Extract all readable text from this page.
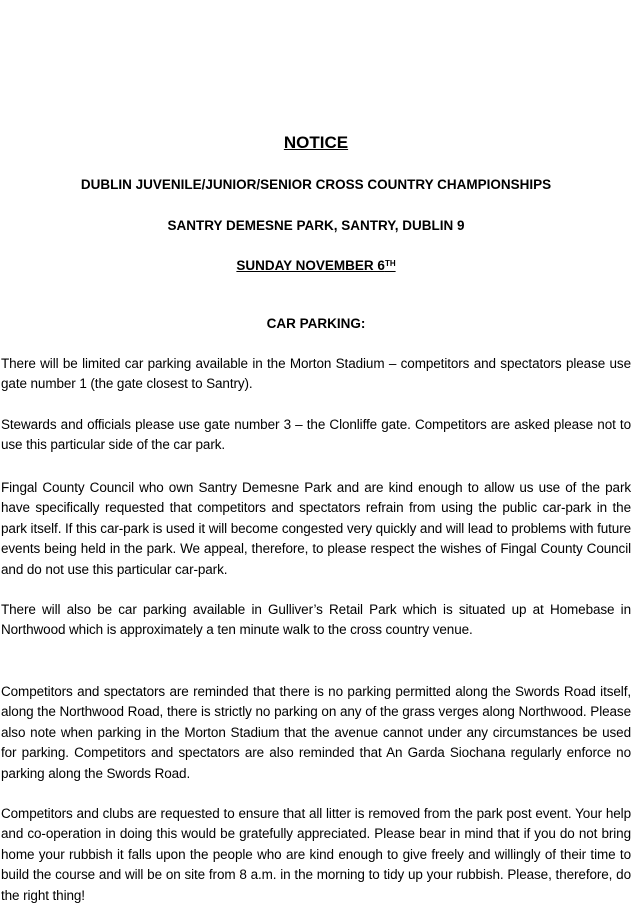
NOTICE
DUBLIN JUVENILE/JUNIOR/SENIOR CROSS COUNTRY CHAMPIONSHIPS
SANTRY DEMESNE PARK, SANTRY, DUBLIN 9
SUNDAY NOVEMBER 6TH
CAR PARKING:
There will be limited car parking available in the Morton Stadium – competitors and spectators please use gate number 1 (the gate closest to Santry).
Stewards and officials please use gate number 3 – the Clonliffe gate. Competitors are asked please not to use this particular side of the car park.
Fingal County Council who own Santry Demesne Park and are kind enough to allow us use of the park have specifically requested that competitors and spectators refrain from using the public car-park in the park itself. If this car-park is used it will become congested very quickly and will lead to problems with future events being held in the park. We appeal, therefore, to please respect the wishes of Fingal County Council and do not use this particular car-park.
There will also be car parking available in Gulliver’s Retail Park which is situated up at Homebase in Northwood which is approximately a ten minute walk to the cross country venue.
Competitors and spectators are reminded that there is no parking permitted along the Swords Road itself, along the Northwood Road, there is strictly no parking on any of the grass verges along Northwood. Please also note when parking in the Morton Stadium that the avenue cannot under any circumstances be used for parking. Competitors and spectators are also reminded that An Garda Siochana regularly enforce no parking along the Swords Road.
Competitors and clubs are requested to ensure that all litter is removed from the park post event. Your help and co-operation in doing this would be gratefully appreciated. Please bear in mind that if you do not bring home your rubbish it falls upon the people who are kind enough to give freely and willingly of their time to build the course and will be on site from 8 a.m. in the morning to tidy up your rubbish. Please, therefore, do the right thing!
